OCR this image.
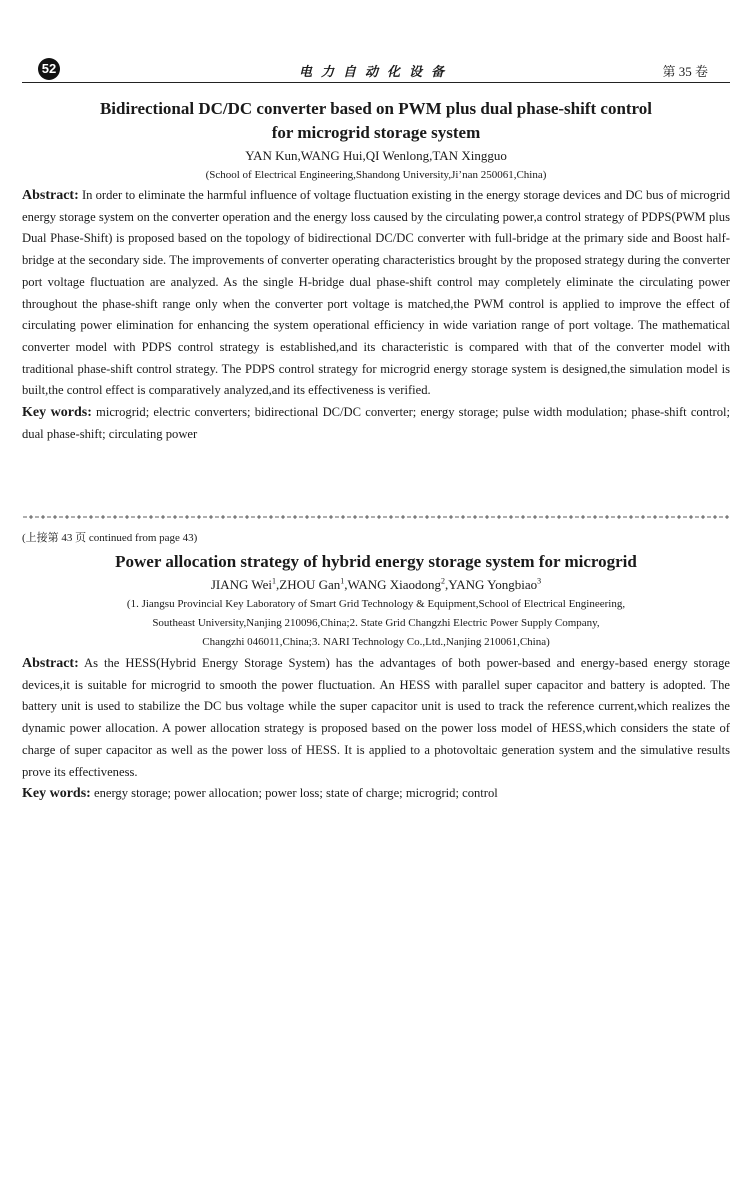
52	电力自动化设备	第 35 卷
Bidirectional DC/DC converter based on PWM plus dual phase-shift control
for microgrid storage system
YAN Kun,WANG Hui,QI Wenlong,TAN Xingguo
(School of Electrical Engineering,Shandong University,Ji’nan 250061,China)

Abstract: In order to eliminate the harmful influence of voltage fluctuation existing in the energy storage devices and DC bus of microgrid energy storage system on the converter operation and the energy loss caused by the circulating power,a control strategy of PDPS(PWM plus Dual Phase-Shift) is proposed based on the topology of bidirectional DC/DC converter with full-bridge at the primary side and Boost half-bridge at the secondary side. The improvements of converter operating characteristics brought by the proposed strategy during the converter port voltage fluctuation are analyzed. As the single H-bridge dual phase-shift control may completely eliminate the circulating power throughout the phase-shift range only when the converter port voltage is matched,the PWM control is applied to improve the effect of circulating power elimination for enhancing the system operational efficiency in wide variation range of port voltage. The mathematical converter model with PDPS control strategy is established,and its characteristic is compared with that of the converter model with traditional phase-shift control strategy. The PDPS control strategy for microgrid energy storage system is designed,the simulation model is built,the control effect is comparatively analyzed,and its effectiveness is verified.

Key words: microgrid; electric converters; bidirectional DC/DC converter; energy storage; pulse width modulation; phase-shift control; dual phase-shift; circulating power

(上接第 43 页 continued from page 43)

Power allocation strategy of hybrid energy storage system for microgrid
JIANG Wei$^1$,ZHOU Gan$^1$,WANG Xiaodong$^2$,YANG Yongbiao$^3$
(1. Jiangsu Provincial Key Laboratory of Smart Grid Technology & Equipment,School of Electrical Engineering,
Southeast University,Nanjing 210096,China;2. State Grid Changzhi Electric Power Supply Company,
Changzhi 046011,China;3. NARI Technology Co.,Ltd.,Nanjing 210061,China)

Abstract: As the HESS(Hybrid Energy Storage System) has the advantages of both power-based and energy-based energy storage devices,it is suitable for microgrid to smooth the power fluctuation. An HESS with parallel super capacitor and battery is adopted. The battery unit is used to stabilize the DC bus voltage while the super capacitor unit is used to track the reference current,which realizes the dynamic power allocation. A power allocation strategy is proposed based on the power loss model of HESS,which considers the state of charge of super capacitor as well as the power loss of HESS. It is applied to a photovoltaic generation system and the simulative results prove its effectiveness.

Key words: energy storage; power allocation; power loss; state of charge; microgrid; control
